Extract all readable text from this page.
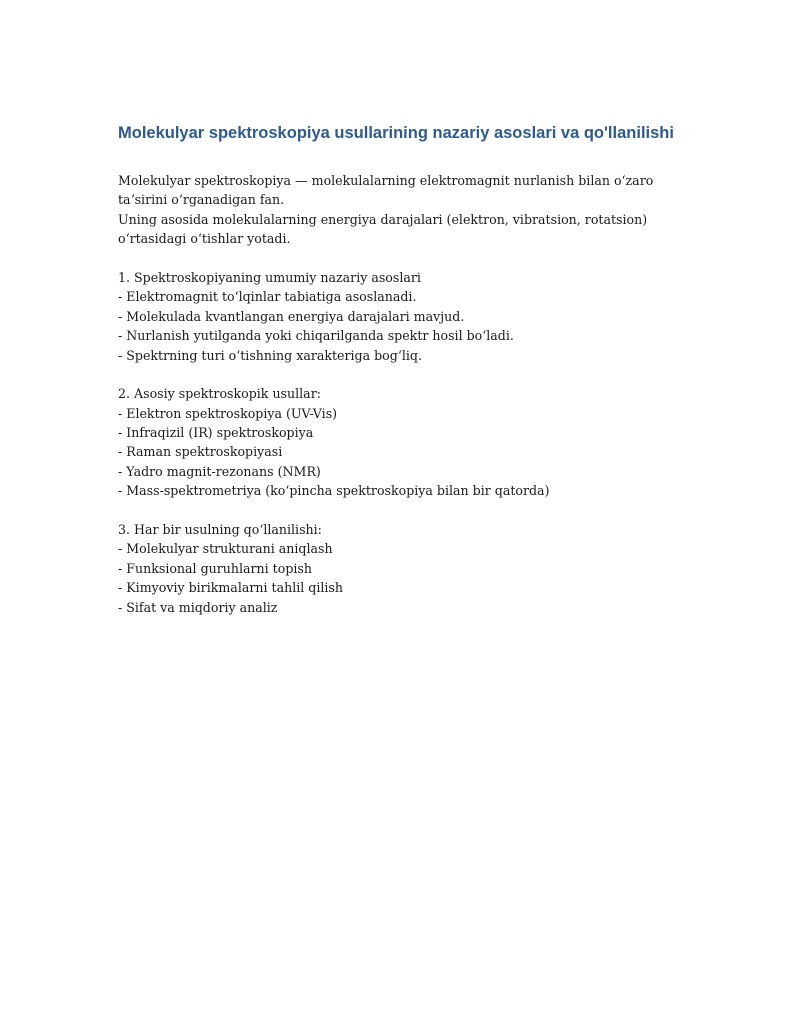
Molekulyar spektroskopiya usullarining nazariy asoslari va qo'llanilishi
Molekulyar spektroskopiya — molekulalarning elektromagnit nurlanish bilan oʻzaro
taʼsirini oʻrganadigan fan.
Uning asosida molekulalarning energiya darajalari (elektron, vibratsion, rotatsion)
oʻrtasidagi oʻtishlar yotadi.
1. Spektroskopiyaning umumiy nazariy asoslari
- Elektromagnit toʻlqinlar tabiatiga asoslanadi.
- Molekulada kvantlangan energiya darajalari mavjud.
- Nurlanish yutilganda yoki chiqarilganda spektr hosil boʻladi.
- Spektrning turi oʻtishning xarakteriga bogʻliq.
2. Asosiy spektroskopik usullar:
- Elektron spektroskopiya (UV-Vis)
- Infraqizil (IR) spektroskopiya
- Raman spektroskopiyasi
- Yadro magnit-rezonans (NMR)
- Mass-spektrometriya (koʻpincha spektroskopiya bilan bir qatorda)
3. Har bir usulning qoʻllanilishi:
- Molekulyar strukturani aniqlash
- Funksional guruhlarni topish
- Kimyoviy birikmalarni tahlil qilish
- Sifat va miqdoriy analiz
